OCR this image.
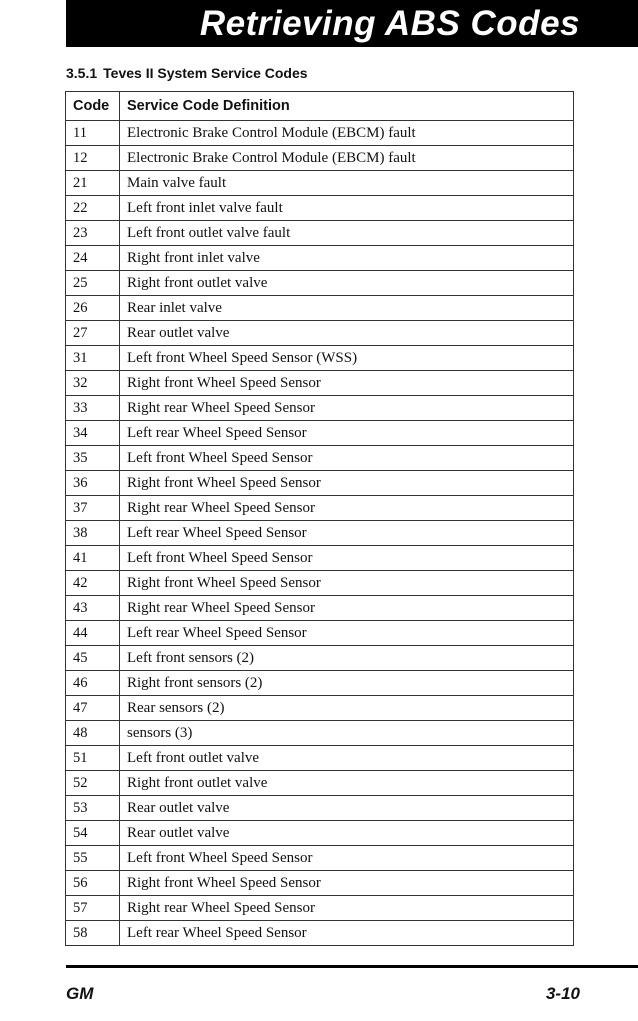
Retrieving ABS Codes
3.5.1 Teves II System Service Codes
Code	Service Code Definition
11	Electronic Brake Control Module (EBCM) fault
12	Electronic Brake Control Module (EBCM) fault
21	Main valve fault
22	Left front inlet valve fault
23	Left front outlet valve fault
24	Right front inlet valve
25	Right front outlet valve
26	Rear inlet valve
27	Rear outlet valve
31	Left front Wheel Speed Sensor (WSS)
32	Right front Wheel Speed Sensor
33	Right rear Wheel Speed Sensor
34	Left rear Wheel Speed Sensor
35	Left front Wheel Speed Sensor
36	Right front Wheel Speed Sensor
37	Right rear Wheel Speed Sensor
38	Left rear Wheel Speed Sensor
41	Left front Wheel Speed Sensor
42	Right front Wheel Speed Sensor
43	Right rear Wheel Speed Sensor
44	Left rear Wheel Speed Sensor
45	Left front sensors (2)
46	Right front sensors (2)
47	Rear sensors (2)
48	sensors (3)
51	Left front outlet valve
52	Right front outlet valve
53	Rear outlet valve
54	Rear outlet valve
55	Left front Wheel Speed Sensor
56	Right front Wheel Speed Sensor
57	Right rear Wheel Speed Sensor
58	Left rear Wheel Speed Sensor
GM	3-10
